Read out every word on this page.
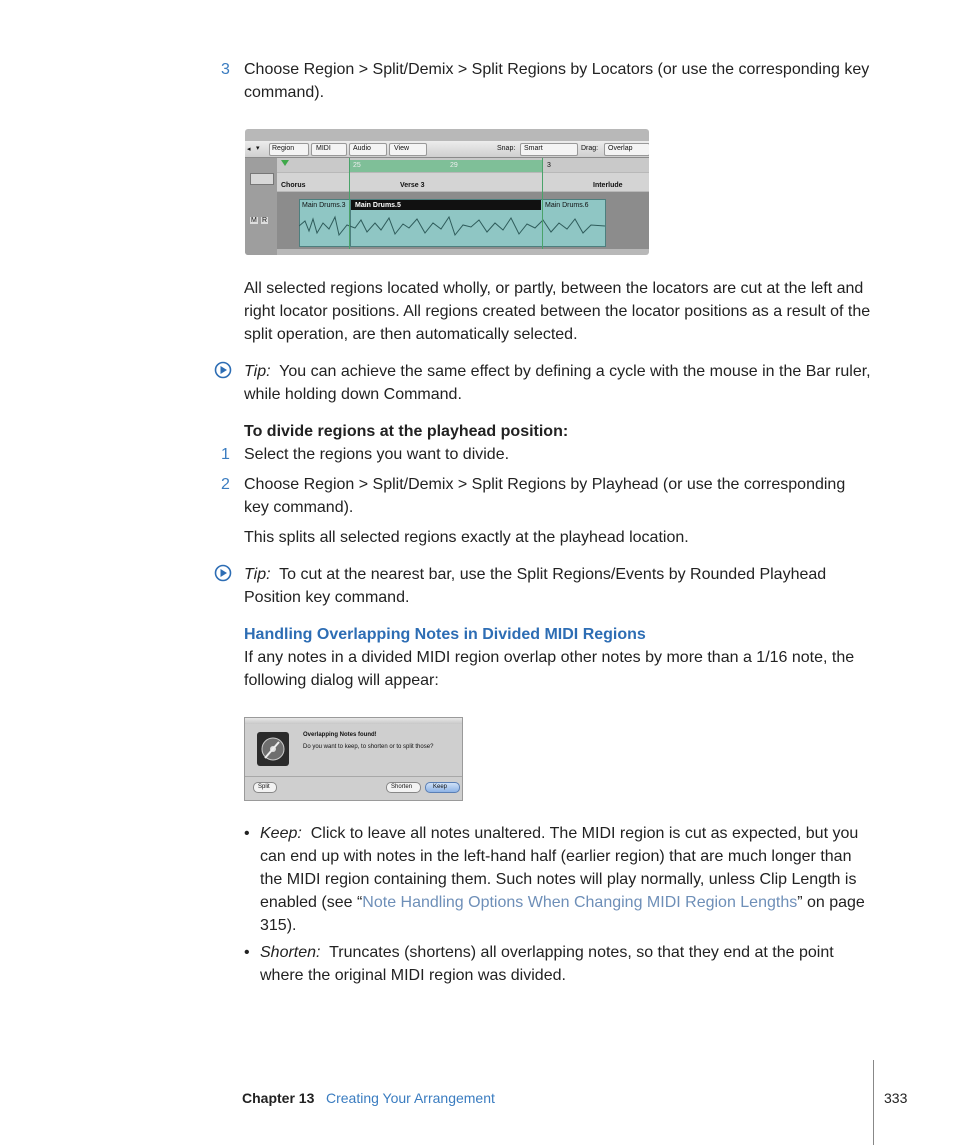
3 Choose Region > Split/Demix > Split Regions by Locators (or use the corresponding key command).

◂ ▾ Region	MIDI	Audio	View	Snap: Smart	Drag: Overlap
M R
25	29	3
Chorus	Verse 3	Interlude
Main Drums.3 Main Drums.5	Main Drums.6

All selected regions located wholly, or partly, between the locators are cut at the left and right locator positions. All regions created between the locator positions as a result of the split operation, are then automatically selected.

Tip: You can achieve the same effect by defining a cycle with the mouse in the Bar ruler, while holding down Command.

To divide regions at the playhead position:

1 Select the regions you want to divide.

2 Choose Region > Split/Demix > Split Regions by Playhead (or use the corresponding key command).

This splits all selected regions exactly at the playhead location.

Tip: To cut at the nearest bar, use the Split Regions/Events by Rounded Playhead Position key command.

Handling Overlapping Notes in Divided MIDI Regions

If any notes in a divided MIDI region overlap other notes by more than a 1/16 note, the following dialog will appear:

Overlapping Notes found!
Do you want to keep, to shorten or to split those?
Split	Shorten	Keep
• Keep: Click to leave all notes unaltered. The MIDI region is cut as expected, but you can end up with notes in the left-hand half (earlier region) that are much longer than the MIDI region containing them. Such notes will play normally, unless Clip Length is enabled (see “Note Handling Options When Changing MIDI Region Lengths” on page 315).

• Shorten: Truncates (shortens) all overlapping notes, so that they end at the point where the original MIDI region was divided.

Chapter 13 Creating Your Arrangement	333
